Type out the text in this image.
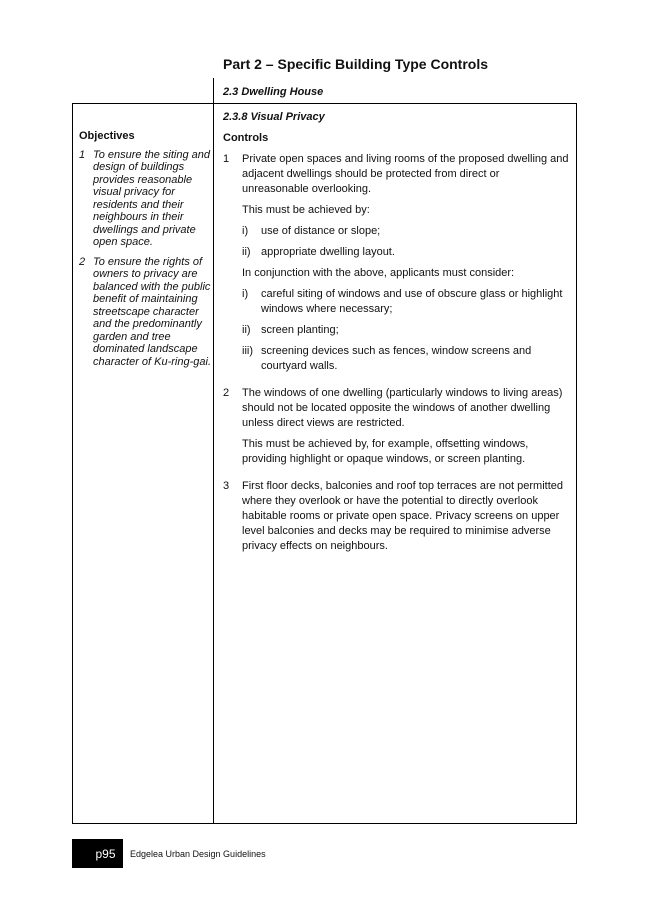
Part 2 – Specific Building Type Controls
2.3 Dwelling House
Objectives
1 To ensure the siting and design of buildings provides reasonable visual privacy for residents and their neighbours in their dwellings and private open space.
2 To ensure the rights of owners to privacy are balanced with the public benefit of maintaining streetscape character and the predominantly garden and tree dominated landscape character of Ku-ring-gai.
2.3.8 Visual Privacy
Controls
1	Private open spaces and living rooms of the proposed dwelling and adjacent dwellings should be protected from direct or unreasonable overlooking.
This must be achieved by:
i)	use of distance or slope;
ii) appropriate dwelling layout.
In conjunction with the above, applicants must consider:
i)	careful siting of windows and use of obscure glass or highlight windows where necessary;
ii) screen planting;
iii) screening devices such as fences, window screens and courtyard walls.
2	The windows of one dwelling (particularly windows to living areas) should not be located opposite the windows of another dwelling unless direct views are restricted.
This must be achieved by, for example, offsetting windows, providing highlight or opaque windows, or screen planting.
3	First floor decks, balconies and roof top terraces are not permitted where they overlook or have the potential to directly overlook habitable rooms or private open space. Privacy screens on upper level balconies and decks may be required to minimise adverse privacy effects on neighbours.
p95	Edgelea Urban Design Guidelines
